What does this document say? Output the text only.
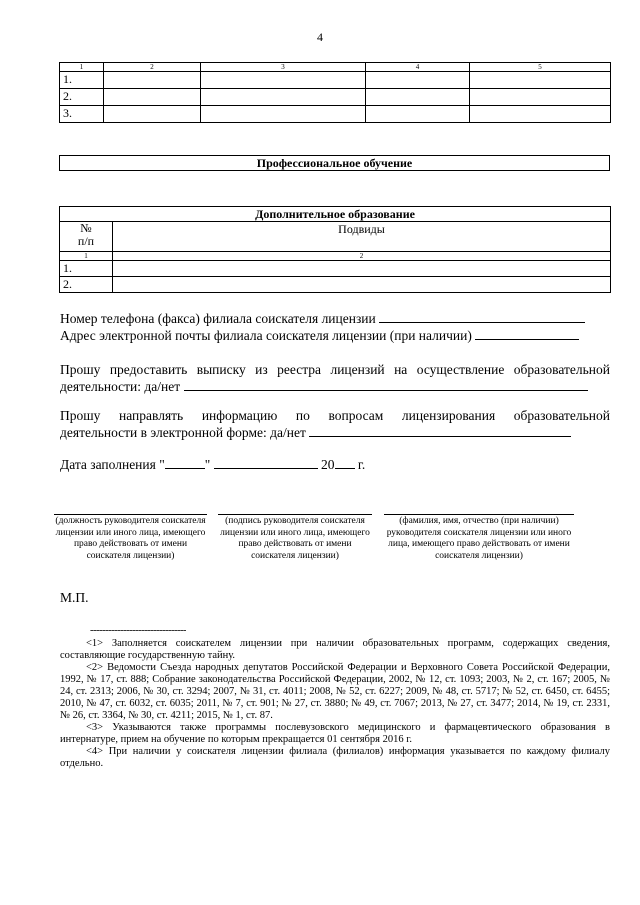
4
1	2	3	4	5
1.				
2.				
3.				
Профессиональное обучение
Дополнительное образование	
№ п/п	Подвиды
1	2
1.	
2.	
Номер телефона (факса) филиала соискателя лицензии
Адрес электронной почты филиала соискателя лицензии (при наличии)
Прошу предоставить выписку из реестра лицензий на осуществление образовательной
деятельности: да/нет
Прошу направлять информацию по вопросам лицензирования образовательной
деятельности в электронной форме: да/нет
Дата заполнения "	"	20 г.
(должность руководителя соискателя лицензии или иного лица, имеющего право действовать от имени соискателя лицензии)
(подпись руководителя соискателя лицензии или иного лица, имеющего право действовать от имени соискателя лицензии)
(фамилия, имя, отчество (при наличии) руководителя соискателя лицензии или иного лица, имеющего право действовать от имени соискателя лицензии)
М.П.
--------------------------------

<1> Заполняется соискателем лицензии при наличии образовательных программ, содержащих сведения, составляющие государственную тайну.

<2> Ведомости Съезда народных депутатов Российской Федерации и Верховного Совета Российской Федерации, 1992, № 17, ст. 888; Собрание законодательства Российской Федерации, 2002, № 12, ст. 1093; 2003, № 2, ст. 167; 2005, № 24, ст. 2313; 2006, № 30, ст. 3294; 2007, № 31, ст. 4011; 2008, № 52, ст. 6227; 2009, № 48, ст. 5717; № 52, ст. 6450, ст. 6455; 2010, № 47, ст. 6032, ст. 6035; 2011, № 7, ст. 901; № 27, ст. 3880; № 49, ст. 7067; 2013, № 27, ст. 3477; 2014, № 19, ст. 2331, № 26, ст. 3364, № 30, ст. 4211; 2015, № 1, ст. 87.

<3> Указываются также программы послевузовского медицинского и фармацевтического образования в интернатуре, прием на обучение по которым прекращается 01 сентября 2016 г.

<4> При наличии у соискателя лицензии филиала (филиалов) информация указывается по каждому филиалу отдельно.
